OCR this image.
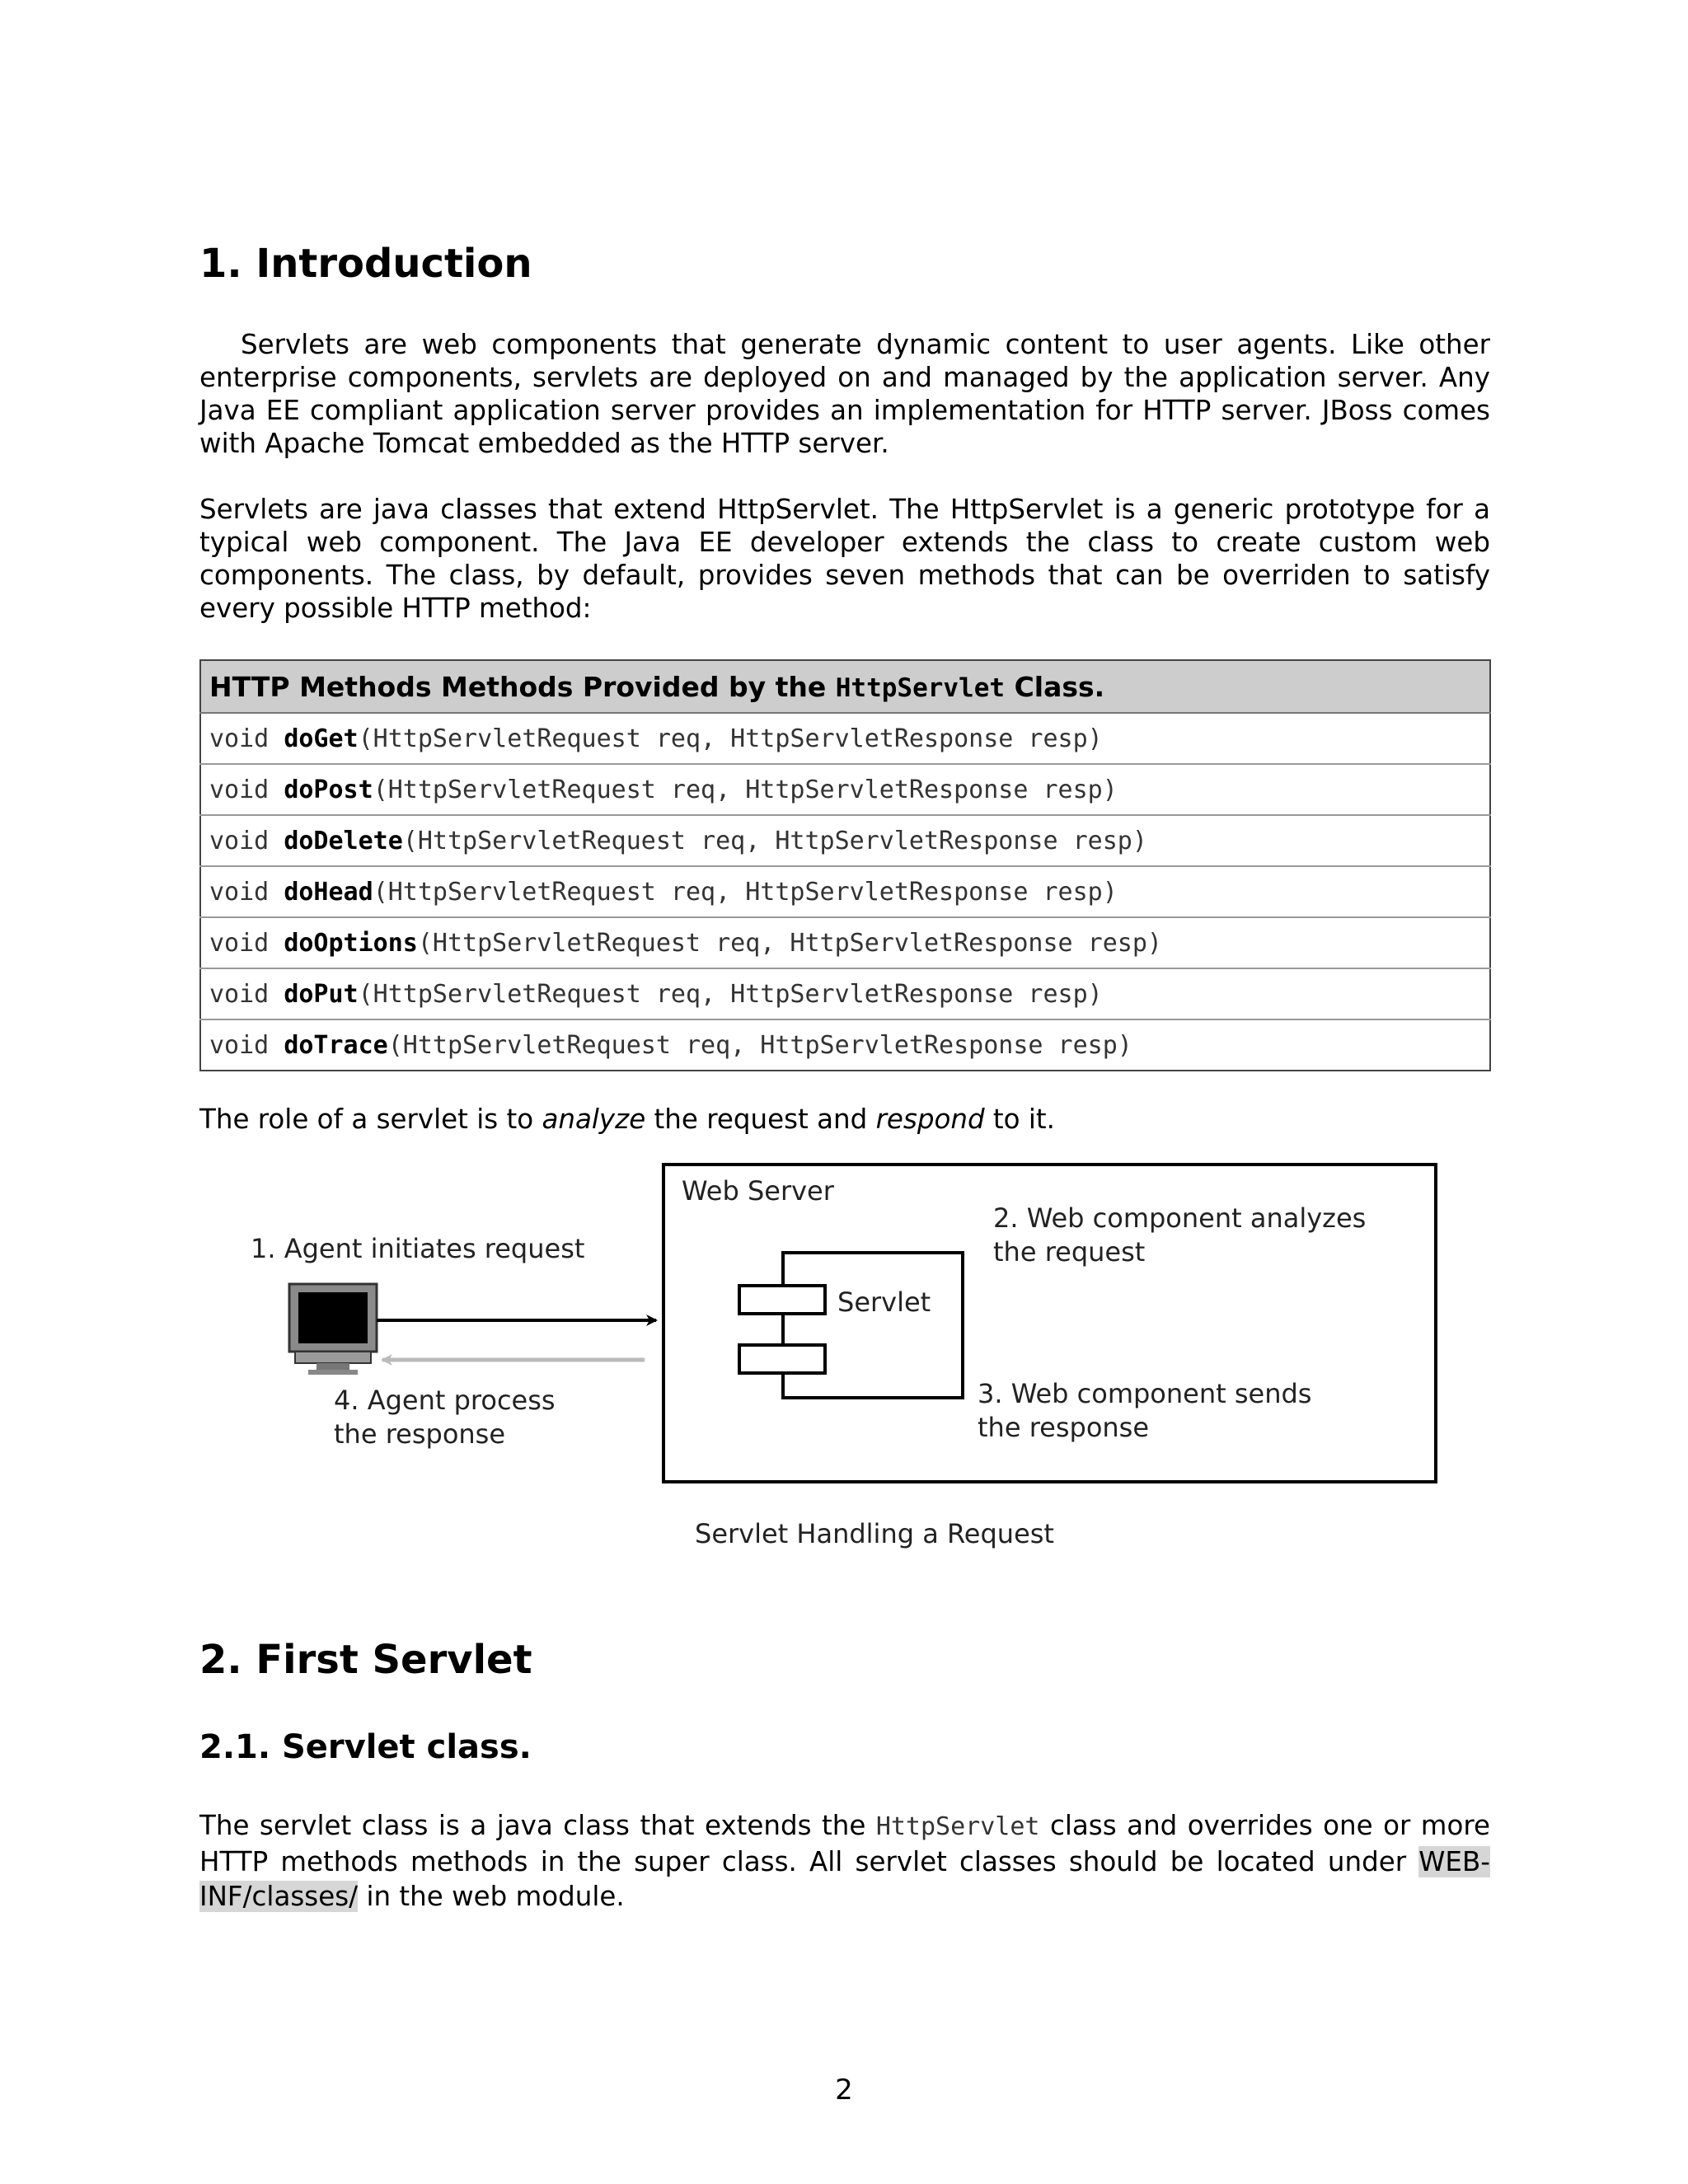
1. Introduction

Servlets are web components that generate dynamic content to user agents. Like other enterprise components, servlets are deployed on and managed by the application server. Any Java EE compliant application server provides an implementation for HTTP server. JBoss comes with Apache Tomcat embedded as the HTTP server.

Servlets are java classes that extend HttpServlet. The HttpServlet is a generic prototype for a typical web component. The Java EE developer extends the class to create custom web components. The class, by default, provides seven methods that can be overriden to satisfy every possible HTTP method:

HTTP Methods Methods Provided by the HttpServlet Class.
void doGet(HttpServletRequest req, HttpServletResponse resp)
void doPost(HttpServletRequest req, HttpServletResponse resp)
void doDelete(HttpServletRequest req, HttpServletResponse resp)
void doHead(HttpServletRequest req, HttpServletResponse resp)
void doOptions(HttpServletRequest req, HttpServletResponse resp)
void doPut(HttpServletRequest req, HttpServletResponse resp)
void doTrace(HttpServletRequest req, HttpServletResponse resp)

The role of a servlet is to analyze the request and respond to it.

Web Server
2. Web component analyzes
the request
3. Web component sends
the response
Servlet
1. Agent initiates request
4. Agent process
the response
Servlet Handling a Request
2. First Servlet
2.1. Servlet class.

The servlet class is a java class that extends the HttpServlet class and overrides one or more HTTP methods methods in the super class. All servlet classes should be located under WEB-INF/classes/ in the web module.

2
